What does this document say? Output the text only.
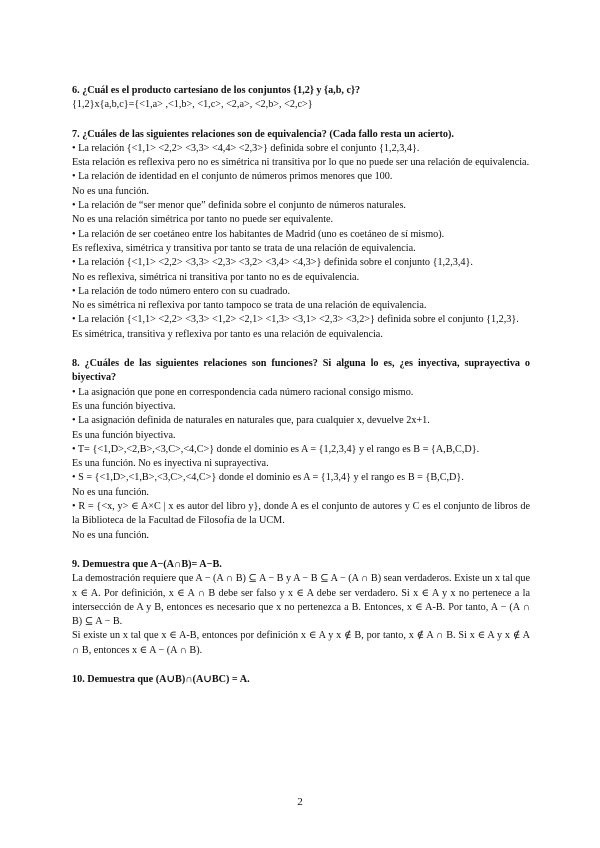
6. ¿Cuál es el producto cartesiano de los conjuntos {1,2} y {a,b, c}?

{1,2}x{a,b,c}={<1,a> ,<1,b>, <1,c>, <2,a>, <2,b>, <2,c>}

7. ¿Cuáles de las siguientes relaciones son de equivalencia? (Cada fallo resta un acierto).

• La relación {<1,1> <2,2> <3,3> <4,4> <2,3>} definida sobre el conjunto {1,2,3,4}.

Esta relación es reflexiva pero no es simétrica ni transitiva por lo que no puede ser una relación de equivalencia.

• La relación de identidad en el conjunto de números primos menores que 100.

No es una función.

• La relación de “ser menor que” definida sobre el conjunto de números naturales.

No es una relación simétrica por tanto no puede ser equivalente.

• La relación de ser coetáneo entre los habitantes de Madrid (uno es coetáneo de sí mismo).

Es reflexiva, simétrica y transitiva por tanto se trata de una relación de equivalencia.

• La relación {<1,1> <2,2> <3,3> <2,3> <3,2> <3,4> <4,3>} definida sobre el conjunto {1,2,3,4}.

No es reflexiva, simétrica ni transitiva por tanto no es de equivalencia.

• La relación de todo número entero con su cuadrado.

No es simétrica ni reflexiva por tanto tampoco se trata de una relación de equivalencia.

• La relación {<1,1> <2,2> <3,3> <1,2> <2,1> <1,3> <3,1> <2,3> <3,2>} definida sobre el conjunto {1,2,3}.

Es simétrica, transitiva y reflexiva por tanto es una relación de equivalencia.

8. ¿Cuáles de las siguientes relaciones son funciones? Si alguna lo es, ¿es inyectiva, suprayectiva o biyectiva?

• La asignación que pone en correspondencia cada número racional consigo mismo.

Es una función biyectiva.

• La asignación definida de naturales en naturales que, para cualquier x, devuelve 2x+1.

Es una función biyectiva.

• T= {<1,D>,<2,B>,<3,C>,<4,C>} donde el dominio es A = {1,2,3,4} y el rango es B = {A,B,C,D}.

Es una función. No es inyectiva ni suprayectiva.

• S = {<1,D>,<1,B>,<3,C>,<4,C>} donde el dominio es A = {1,3,4} y el rango es B = {B,C,D}.

No es una función.

• R = {<x, y> ∈ A×C | x es autor del libro y}, donde A es el conjunto de autores y C es el conjunto de libros de la Biblioteca de la Facultad de Filosofía de la UCM.

No es una función.

9. Demuestra que A−(A∩B)= A−B.

La demostración requiere que A − (A ∩ B) ⊆ A − B y A − B ⊆ A − (A ∩ B) sean verdaderos. Existe un x tal que x ∈ A. Por definición, x ∈ A ∩ B debe ser falso y x ∈ A debe ser verdadero. Si x ∈ A y x no pertenece a la intersección de A y B, entonces es necesario que x no pertenezca a B. Entonces, x ∈ A-B. Por tanto, A − (A ∩ B) ⊆ A − B.

Si existe un x tal que x ∈ A-B, entonces por definición x ∈ A y x ∉ B, por tanto, x ∉ A ∩ B. Si x ∈ A y x ∉ A ∩ B, entonces x ∈ A − (A ∩ B).

10. Demuestra que (A∪B)∩(A∪BC) = A.

2
